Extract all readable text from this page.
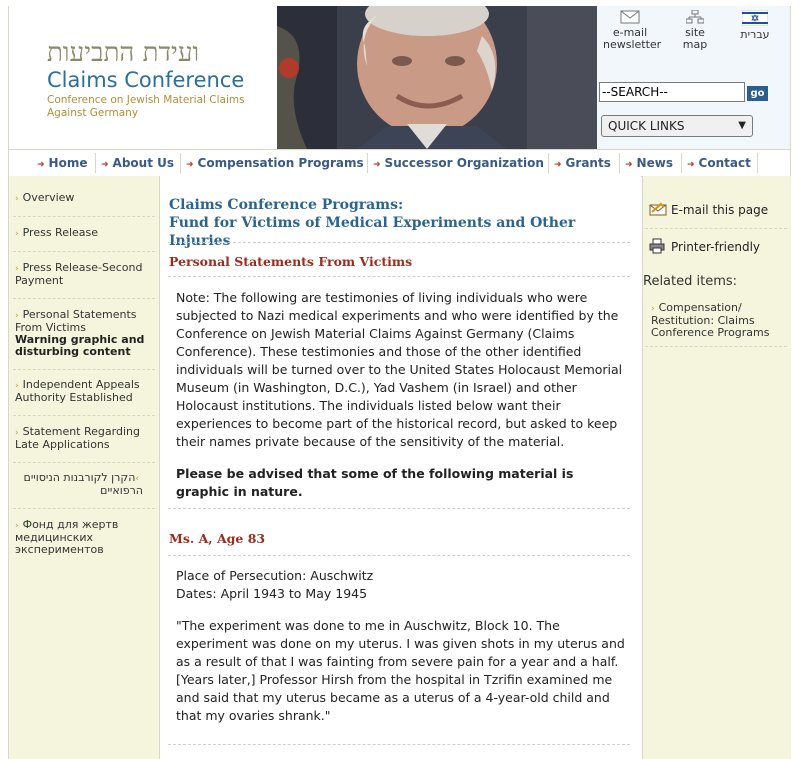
ועידת התביעות
Claims Conference
Conference on Jewish Material Claims Against Germany
e-mail newsletter
site map
עברית
--SEARCH--
go
QUICK LINKS	▼
➜ Home ➜ About Us ➜ Compensation Programs ➜ Successor Organization ➜ Grants ➜ News ➜ Contact
› Overview
› Press Release
› Press Release-Second Payment
› Personal Statements From Victims
Warning graphic and disturbing content
› Independent Appeals Authority Established
› Statement Regarding Late Applications
›הקרן לקורבנות הניסויים הרפואיים
› Фонд для жертв медицинских экспериментов
Claims Conference Programs:
Fund for Victims of Medical Experiments and Other Injuries
Personal Statements From Victims
Note: The following are testimonies of living individuals who were subjected to Nazi medical experiments and who were identified by the Conference on Jewish Material Claims Against Germany (Claims Conference). These testimonies and those of the other identified individuals will be turned over to the United States Holocaust Memorial Museum (in Washington, D.C.), Yad Vashem (in Israel) and other Holocaust institutions. The individuals listed below want their experiences to become part of the historical record, but asked to keep their names private because of the sensitivity of the material.
Please be advised that some of the following material is graphic in nature.
Ms. A, Age 83
Place of Persecution: Auschwitz
Dates: April 1943 to May 1945
"The experiment was done to me in Auschwitz, Block 10. The experiment was done on my uterus. I was given shots in my uterus and as a result of that I was fainting from severe pain for a year and a half. [Years later,] Professor Hirsh from the hospital in Tzrifin examined me and said that my uterus became as a uterus of a 4-year-old child and that my ovaries shrank."
E-mail this page
Printer-friendly
Related items:
› Compensation/ Restitution: Claims Conference Programs
